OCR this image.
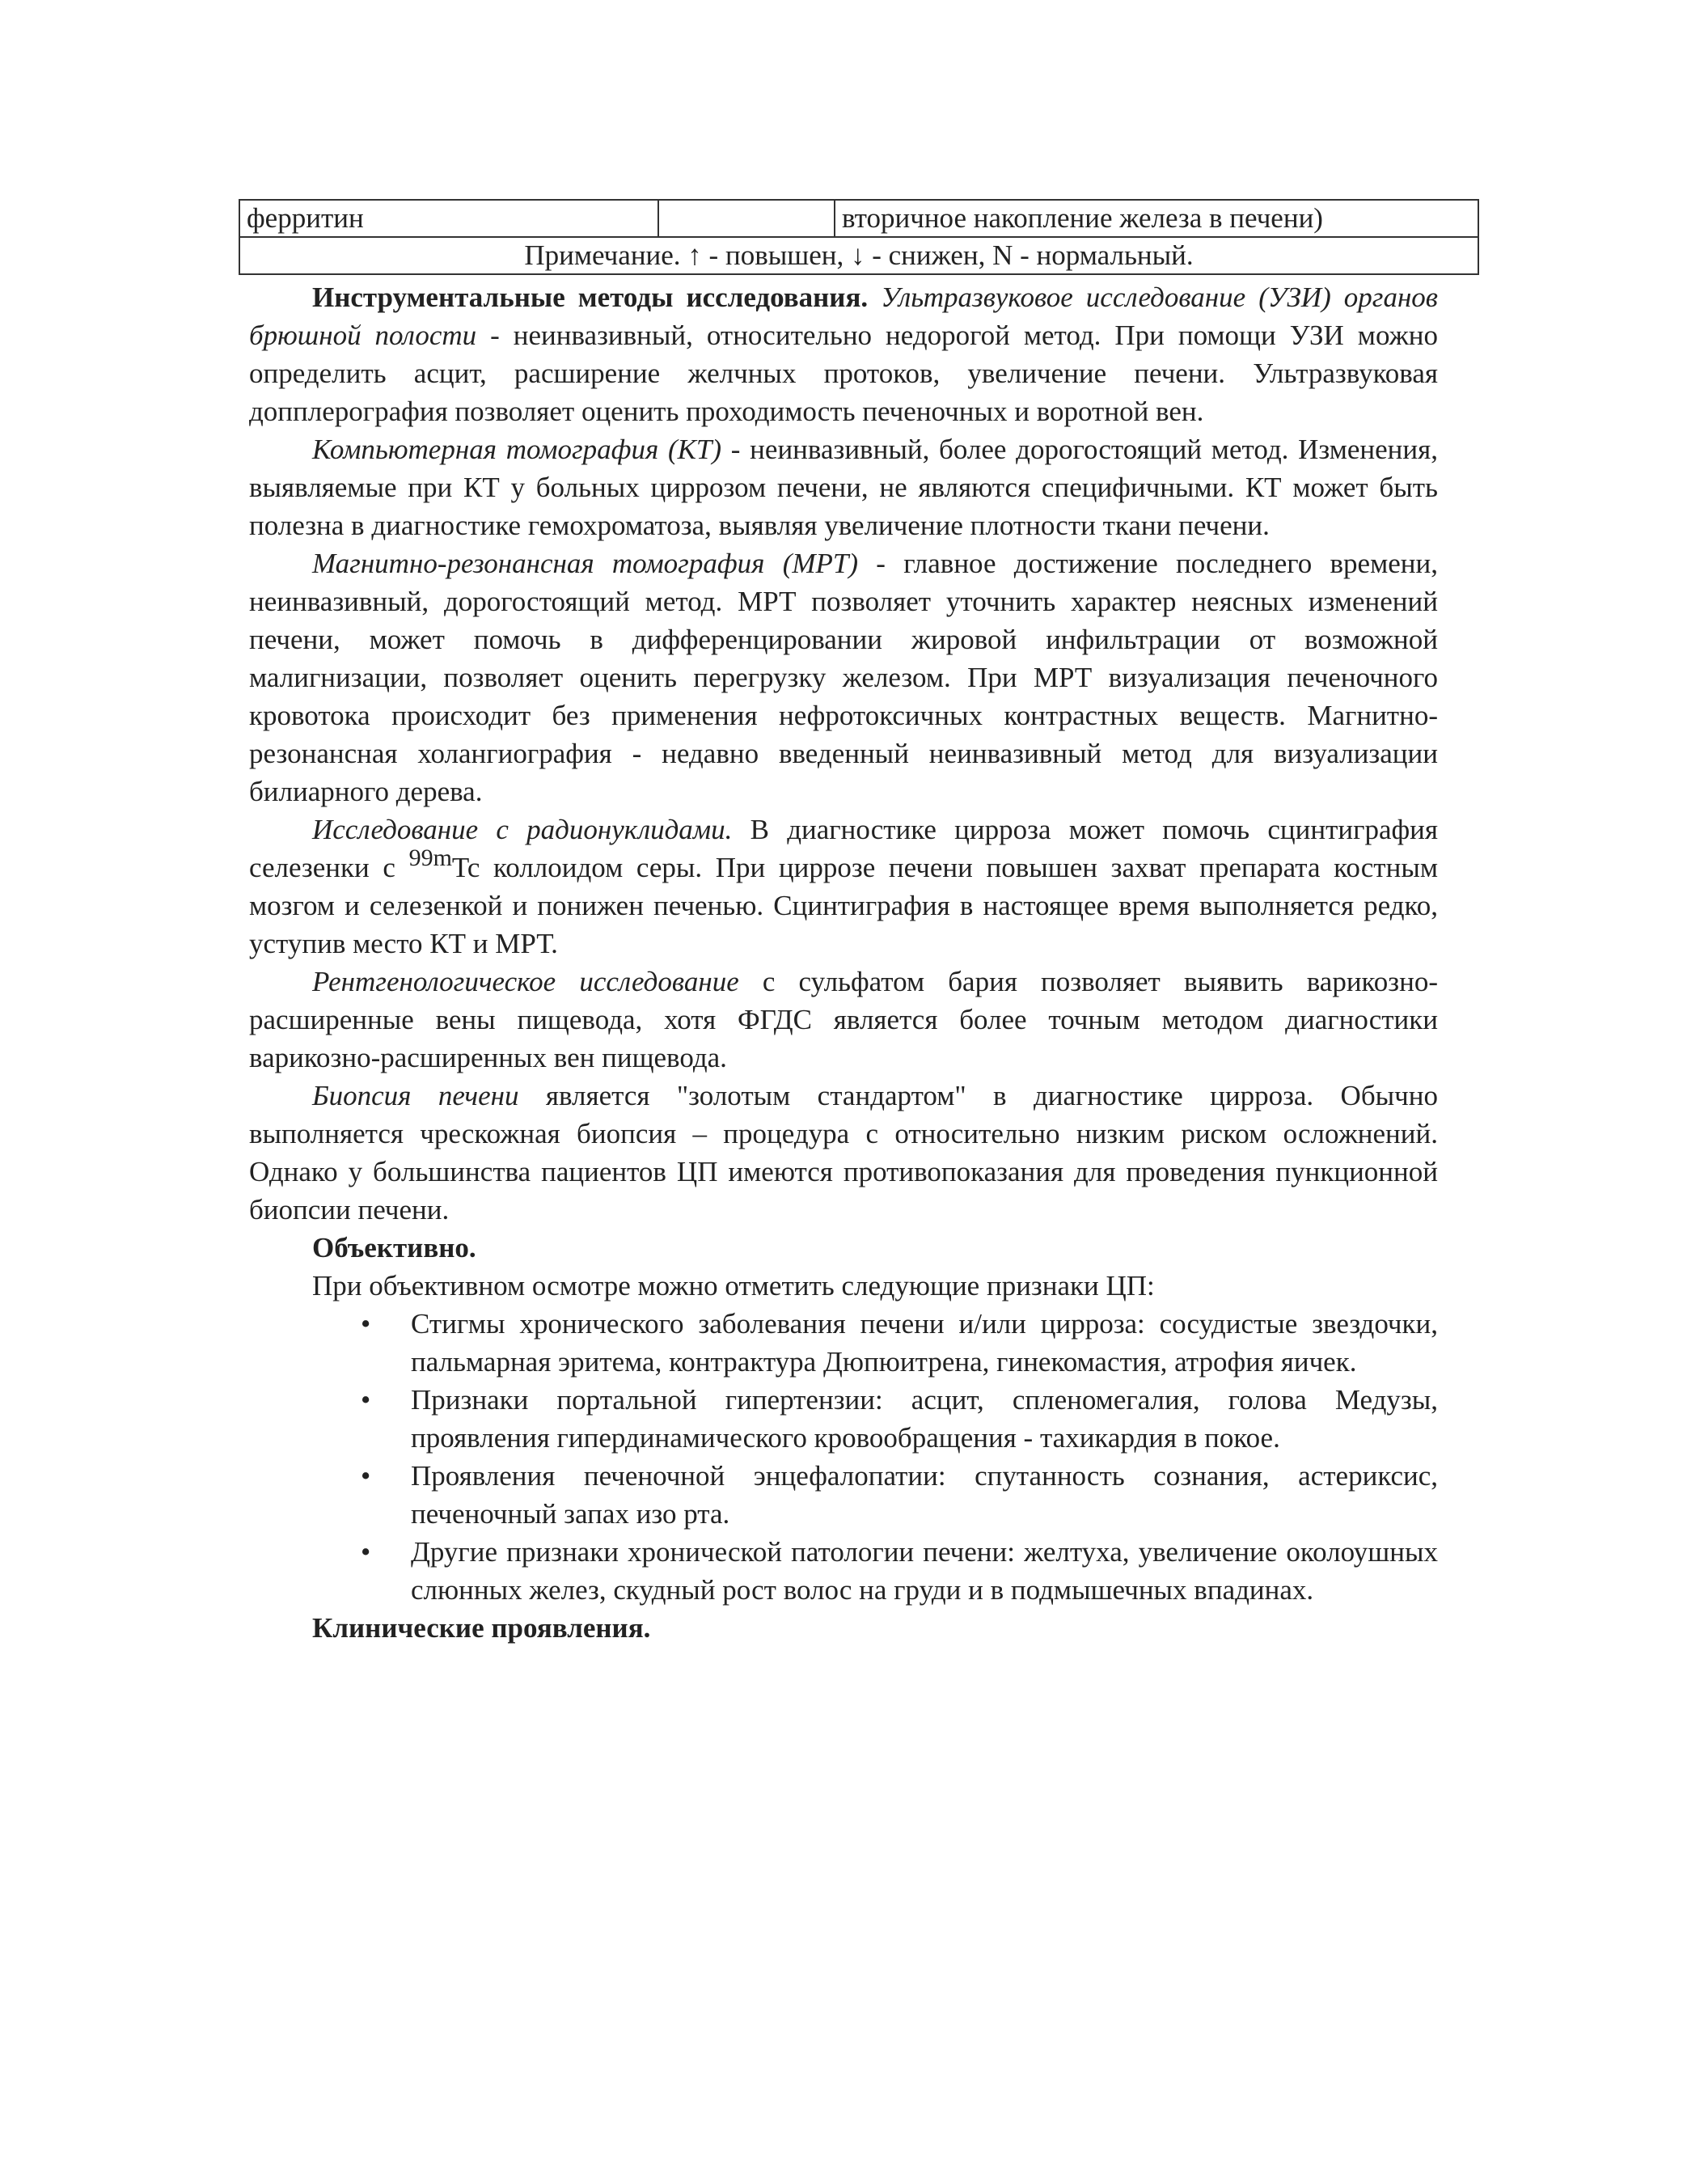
ферритин		вторичное накопление железа в печени)
Примечание. ↑ - повышен, ↓ - снижен, N - нормальный.

Инструментальные методы исследования. Ультразвуковое исследование (УЗИ) органов брюшной полости - неинвазивный, относительно недорогой метод. При помощи УЗИ можно определить асцит, расширение желчных протоков, увеличение печени. Ультразвуковая допплерография позволяет оценить проходимость печеночных и воротной вен.

Компьютерная томография (КТ) - неинвазивный, более дорогостоящий метод. Изменения, выявляемые при КТ у больных циррозом печени, не являются специфичными. КТ может быть полезна в диагностике гемохроматоза, выявляя увеличение плотности ткани печени.

Магнитно-резонансная томография (МРТ) - главное достижение последнего времени, неинвазивный, дорогостоящий метод. МРТ позволяет уточнить характер неясных изменений печени, может помочь в дифференцировании жировой инфильтрации от возможной малигнизации, позволяет оценить перегрузку железом. При МРТ визуализация печеночного кровотока происходит без применения нефротоксичных контрастных веществ. Магнитно-резонансная холангиография - недавно введенный неинвазивный метод для визуализации билиарного дерева.

Исследование с радионуклидами. В диагностике цирроза может помочь сцинтиграфия селезенки с $^{99m}$Tc коллоидом серы. При циррозе печени повышен захват препарата костным мозгом и селезенкой и понижен печенью. Сцинтиграфия в настоящее время выполняется редко, уступив место КТ и МРТ.

Рентгенологическое исследование с сульфатом бария позволяет выявить варикозно-расширенные вены пищевода, хотя ФГДС является более точным методом диагностики варикозно-расширенных вен пищевода.

Биопсия печени является "золотым стандартом" в диагностике цирроза. Обычно выполняется чрескожная биопсия – процедура с относительно низким риском осложнений. Однако у большинства пациентов ЦП имеются противопоказания для проведения пункционной биопсии печени.

Объективно.

При объективном осмотре можно отметить следующие признаки ЦП:

• Стигмы хронического заболевания печени и/или цирроза: сосудистые звездочки, пальмарная эритема, контрактура Дюпюитрена, гинекомастия, атрофия яичек.
• Признаки портальной гипертензии: асцит, спленомегалия, голова Медузы, проявления гипердинамического кровообращения - тахикардия в покое.
• Проявления печеночной энцефалопатии: спутанность сознания, астериксис, печеночный запах изо рта.
• Другие признаки хронической патологии печени: желтуха, увеличение околоушных слюнных желез, скудный рост волос на груди и в подмышечных впадинах.

Клинические проявления.
